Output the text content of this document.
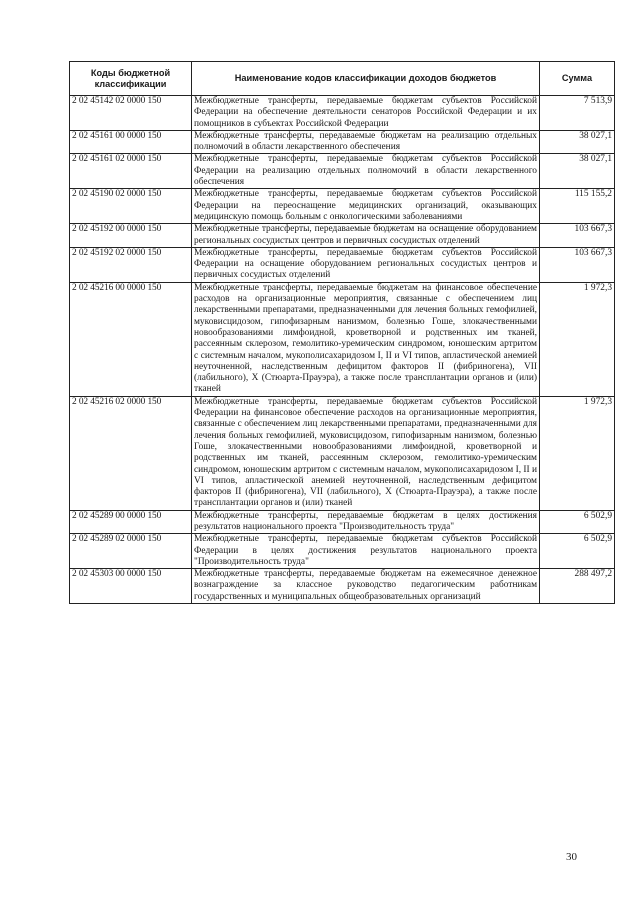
Коды бюджетной классификации	Наименование кодов классификации доходов бюджетов	Сумма
2 02 45142 02 0000 150	Межбюджетные трансферты, передаваемые бюджетам субъектов Российской Федерации на обеспечение деятельности сенаторов Российской Федерации и их помощников в субъектах Российской Федерации	7 513,9
2 02 45161 00 0000 150	Межбюджетные трансферты, передаваемые бюджетам на реализацию отдельных полномочий в области лекарственного обеспечения	38 027,1
2 02 45161 02 0000 150	Межбюджетные трансферты, передаваемые бюджетам субъектов Российской Федерации на реализацию отдельных полномочий в области лекарственного обеспечения	38 027,1
2 02 45190 02 0000 150	Межбюджетные трансферты, передаваемые бюджетам субъектов Российской Федерации на переоснащение медицинских организаций, оказывающих медицинскую помощь больным с онкологическими заболеваниями	115 155,2
2 02 45192 00 0000 150	Межбюджетные трансферты, передаваемые бюджетам на оснащение оборудованием региональных сосудистых центров и первичных сосудистых отделений	103 667,3
2 02 45192 02 0000 150	Межбюджетные трансферты, передаваемые бюджетам субъектов Российской Федерации на оснащение оборудованием региональных сосудистых центров и первичных сосудистых отделений	103 667,3
2 02 45216 00 0000 150	Межбюджетные трансферты, передаваемые бюджетам на финансовое обеспечение расходов на организационные мероприятия, связанные с обеспечением лиц лекарственными препаратами, предназначенными для лечения больных гемофилией, муковисцидозом, гипофизарным нанизмом, болезнью Гоше, злокачественными новообразованиями лимфоидной, кроветворной и родственных им тканей, рассеянным склерозом, гемолитико-уремическим синдромом, юношеским артритом с системным началом, мукополисахаридозом I, II и VI типов, апластической анемией неуточненной, наследственным дефицитом факторов II (фибриногена), VII (лабильного), X (Стюарта-Прауэра), а также после трансплантации органов и (или) тканей	1 972,3
2 02 45216 02 0000 150	Межбюджетные трансферты, передаваемые бюджетам субъектов Российской Федерации на финансовое обеспечение расходов на организационные мероприятия, связанные с обеспечением лиц лекарственными препаратами, предназначенными для лечения больных гемофилией, муковисцидозом, гипофизарным нанизмом, болезнью Гоше, злокачественными новообразованиями лимфоидной, кроветворной и родственных им тканей, рассеянным склерозом, гемолитико-уремическим синдромом, юношеским артритом с системным началом, мукополисахаридозом I, II и VI типов, апластической анемией неуточненной, наследственным дефицитом факторов II (фибриногена), VII (лабильного), X (Стюарта-Прауэра), а также после трансплантации органов и (или) тканей	1 972,3
2 02 45289 00 0000 150	Межбюджетные трансферты, передаваемые бюджетам в целях достижения результатов национального проекта "Производительность труда"	6 502,9
2 02 45289 02 0000 150	Межбюджетные трансферты, передаваемые бюджетам субъектов Российской Федерации в целях достижения результатов национального проекта "Производительность труда"	6 502,9
2 02 45303 00 0000 150	Межбюджетные трансферты, передаваемые бюджетам на ежемесячное денежное вознаграждение за классное руководство педагогическим работникам государственных и муниципальных общеобразовательных организаций	288 497,2
30
